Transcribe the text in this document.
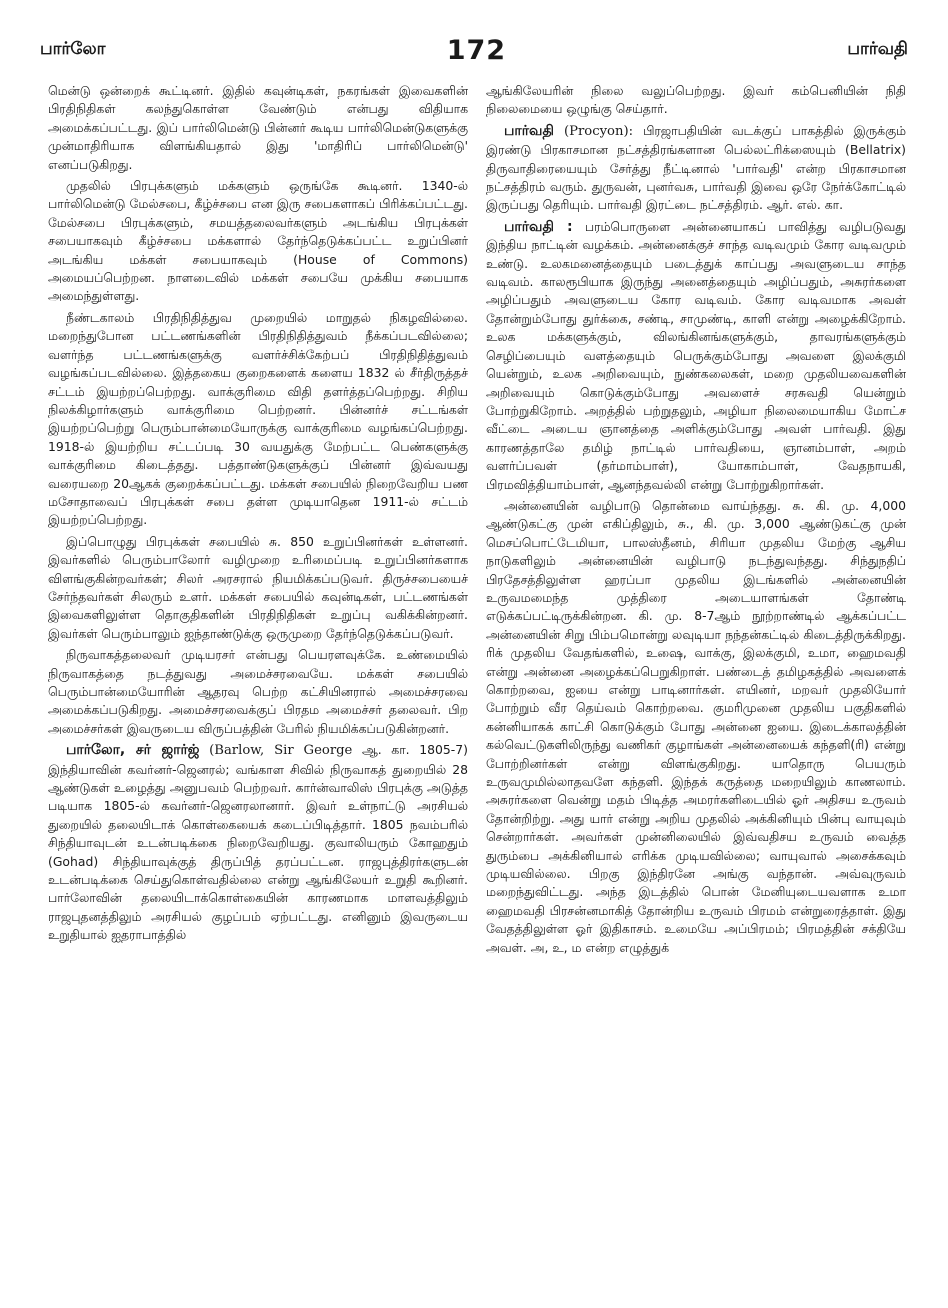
பார்லோ	172	பார்வதி

மென்டு ஒன்றைக் கூட்டினர். இதில் கவுன்டிகள், நகரங்கள் இவைகளின் பிரதிநிதிகள் கலந்துகொள்ள வேண்டும் என்பது விதியாக அமைக்கப்பட்டது. இப் பார்லிமென்டு பின்னர் கூடிய பார்லிமென்டுகளுக்கு முன்மாதிரியாக விளங்கியதால் இது 'மாதிரிப் பார்லிமென்டு' எனப்படுகிறது.

முதலில் பிரபுக்களும் மக்களும் ஒருங்கே கூடினர். 1340-ல் பார்லிமென்டு மேல்சபை, கீழ்ச்சபை என இரு சபைகளாகப் பிரிக்கப்பட்டது. மேல்சபை பிரபுக்களும், சமயத்தலைவர்களும் அடங்கிய பிரபுக்கள் சபையாகவும் கீழ்ச்சபை மக்களால் தேர்ந்தெடுக்கப்பட்ட உறுப்பினர் அடங்கிய மக்கள் சபையாகவும் (House of Commons) அமையப்பெற்றன. நாளடைவில் மக்கள் சபையே முக்கிய சபையாக அமைந்துள்ளது.

நீண்டகாலம் பிரதிநிதித்துவ முறையில் மாறுதல் நிகழவில்லை. மறைந்துபோன பட்டணங்களின் பிரதிநிதித்துவம் நீக்கப்படவில்லை; வளர்ந்த பட்டணங்களுக்கு வளர்ச்சிக்கேற்பப் பிரதிநிதித்துவம் வழங்கப்படவில்லை. இத்தகைய குறைகளைக் களைய 1832 ல் சீர்திருத்தச் சட்டம் இயற்றப்பெற்றது. வாக்குரிமை விதி தளர்த்தப்பெற்றது. சிறிய நிலக்கிழார்களும் வாக்குரிமை பெற்றனர். பின்னர்ச் சட்டங்கள் இயற்றப்பெற்று பெரும்பான்மையோருக்கு வாக்குரிமை வழங்கப்பெற்றது. 1918-ல் இயற்றிய சட்டப்படி 30 வயதுக்கு மேற்பட்ட பெண்களுக்கு வாக்குரிமை கிடைத்தது. பத்தாண்டுகளுக்குப் பின்னர் இவ்வயது வரையறை 20ஆகக் குறைக்கப்பட்டது. மக்கள் சபையில் நிறைவேறிய பண மசோதாவைப் பிரபுக்கள் சபை தள்ள முடியாதென 1911-ல் சட்டம் இயற்றப்பெற்றது.

இப்பொழுது பிரபுக்கள் சபையில் சு. 850 உறுப்பினர்கள் உள்ளனர். இவர்களில் பெரும்பாலோர் வழிமுறை உரிமைப்படி உறுப்பினர்களாக விளங்குகின்றவர்கள்; சிலர் அரசரால் நியமிக்கப்படுவர். திருச்சபையைச் சேர்ந்தவர்கள் சிலரும் உளர். மக்கள் சபையில் கவுன்டிகள், பட்டணங்கள் இவைகளிலுள்ள தொகுதிகளின் பிரதிநிதிகள் உறுப்பு வகிக்கின்றனர். இவர்கள் பெரும்பாலும் ஐந்தாண்டுக்கு ஒருமுறை தேர்ந்தெடுக்கப்படுவர்.

நிருவாகத்தலைவர் முடியரசர் என்பது பெயரளவுக்கே. உண்மையில் நிருவாகத்தை நடத்துவது அமைச்சரவையே. மக்கள் சபையில் பெரும்பான்மையோரின் ஆதரவு பெற்ற கட்சியினரால் அமைச்சரவை அமைக்கப்படுகிறது. அமைச்சரவைக்குப் பிரதம அமைச்சர் தலைவர். பிற அமைச்சர்கள் இவருடைய விருப்பத்தின் பேரில் நியமிக்கப்படுகின்றனர்.

பார்லோ, சர் ஜார்ஜ் (Barlow, Sir George ஆ. கா. 1805-7) இந்தியாவின் கவர்னர்-ஜெனரல்; வங்காள சிவில் நிருவாகத் துறையில் 28 ஆண்டுகள் உழைத்து அனுபவம் பெற்றவர். கார்ன்வாலிஸ் பிரபுக்கு அடுத்த படியாக 1805-ல் கவர்னர்-ஜெனரலானார். இவர் உள்நாட்டு அரசியல் துறையில் தலையிடாக் கொள்கையைக் கடைப்பிடித்தார். 1805 நவம்பரில் சிந்தியாவுடன் உடன்படிக்கை நிறைவேறியது. குவாலியரும் கோஹதும் (Gohad) சிந்தியாவுக்குத் திருப்பித் தரப்பட்டன. ராஜபுத்திரர்களுடன் உடன்படிக்கை செய்துகொள்வதில்லை என்று ஆங்கிலேயர் உறுதி கூறினர். பார்லோவின் தலையிடாக்கொள்கையின் காரணமாக மாளவத்திலும் ராஜபுதனத்திலும் அரசியல் குழப்பம் ஏற்பட்டது. எனினும் இவருடைய உறுதியால் ஐதராபாத்தில்

ஆங்கிலேயரின் நிலை வலுப்பெற்றது. இவர் கம்பெனியின் நிதி நிலைமையை ஒழுங்கு செய்தார்.

பார்வதி (Procyon): பிரஜாபதியின் வடக்குப் பாகத்தில் இருக்கும் இரண்டு பிரகாசமான நட்சத்திரங்களான பெல்லட்ரிக்ஸையும் (Bellatrix) திருவாதிரையையும் சேர்த்து நீட்டினால் 'பார்வதி' என்ற பிரகாசமான நட்சத்திரம் வரும். துருவன், புனர்வசு, பார்வதி இவை ஒரே நேர்க்கோட்டில் இருப்பது தெரியும். பார்வதி இரட்டை நட்சத்திரம். ஆர். எல். கா.

பார்வதி : பரம்பொருளை அன்னையாகப் பாவித்து வழிபடுவது இந்திய நாட்டின் வழக்கம். அன்னைக்குச் சாந்த வடிவமும் கோர வடிவமும் உண்டு. உலகமனைத்தையும் படைத்துக் காப்பது அவளுடைய சாந்த வடிவம். காலரூபியாக இருந்து அனைத்தையும் அழிப்பதும், அசுரர்களை அழிப்பதும் அவளுடைய கோர வடிவம். கோர வடிவமாக அவள் தோன்றும்போது துர்க்கை, சண்டி, சாமுண்டி, காளி என்று அழைக்கிறோம். உலக மக்களுக்கும், விலங்கினங்களுக்கும், தாவரங்களுக்கும் செழிப்பையும் வளத்தையும் பெருக்கும்போது அவளை இலக்குமி யென்றும், உலக அறிவையும், நுண்கலைகள், மறை முதலியவைகளின் அறிவையும் கொடுக்கும்போது அவளைச் சரசுவதி யென்றும் போற்றுகிறோம். அறத்தில் பற்றுதலும், அழியா நிலைமையாகிய மோட்ச வீட்டை அடைய ஞானத்தை அளிக்கும்போது அவள் பார்வதி. இது காரணத்தாலே தமிழ் நாட்டில் பார்வதியை, ஞானம்பாள், அறம் வளர்ப்பவள் (தர்மாம்பாள்), யோகாம்பாள், வேதநாயகி, பிரமவித்தியாம்பாள், ஆனந்தவல்லி என்று போற்றுகிறார்கள்.

அன்னையின் வழிபாடு தொன்மை வாய்ந்தது. சு. கி. மு. 4,000 ஆண்டுகட்கு முன் எகிப்திலும், சு., கி. மு. 3,000 ஆண்டுகட்கு முன் மெசப்பொட்டேமியா, பாலஸ்தீனம், சிரியா முதலிய மேற்கு ஆசிய நாடுகளிலும் அன்னையின் வழிபாடு நடந்துவந்தது. சிந்துநதிப் பிரதேசத்திலுள்ள ஹரப்பா முதலிய இடங்களில் அன்னையின் உருவமமைந்த முத்திரை அடையாளங்கள் தோண்டி எடுக்கப்பட்டிருக்கின்றன. கி. மு. 8-7ஆம் நூற்றாண்டில் ஆக்கப்பட்ட அன்னையின் சிறு பிம்பமொன்று லவுடியா நந்தன்கட்டில் கிடைத்திருக்கிறது. ரிக் முதலிய வேதங்களில், உஷை, வாக்கு, இலக்குமி, உமா, ஹைமவதி என்று அன்னை அழைக்கப்பெறுகிறாள். பண்டைத் தமிழகத்தில் அவளைக் கொற்றவை, ஐயை என்று பாடினார்கள். எயினர், மறவர் முதலியோர் போற்றும் வீர தெய்வம் கொற்றவை. குமரிமுனை முதலிய பகுதிகளில் கன்னியாகக் காட்சி கொடுக்கும் போது அன்னை ஐயை. இடைக்காலத்தின் கல்வெட்டுகளிலிருந்து வணிகர் குழாங்கள் அன்னையைக் கந்தளி(ரி) என்று போற்றினர்கள் என்று விளங்குகிறது. யாதொரு பெயரும் உருவமுமில்லாதவளே கந்தளி. இந்தக் கருத்தை மறையிலும் காணலாம். அசுரர்களை வென்று மதம் பிடித்த அமரர்களிடையில் ஓர் அதிசய உருவம் தோன்றிற்று. அது யார் என்று அறிய முதலில் அக்கினியும் பின்பு வாயுவும் சென்றார்கள். அவர்கள் முன்னிலையில் இவ்வதிசய உருவம் வைத்த துரும்பை அக்கினியால் எரிக்க முடியவில்லை; வாயுவால் அசைக்கவும் முடியவில்லை. பிறகு இந்திரனே அங்கு வந்தான். அவ்வுருவம் மறைந்துவிட்டது. அந்த இடத்தில் பொன் மேனியுடையவளாக உமா ஹைமவதி பிரசன்னமாகித் தோன்றிய உருவம் பிரமம் என்றுரைத்தாள். இது வேதத்திலுள்ள ஓர் இதிகாசம். உமையே அப்பிரமம்; பிரமத்தின் சக்தியே அவள். அ, உ, ம என்ற எழுத்துக்
